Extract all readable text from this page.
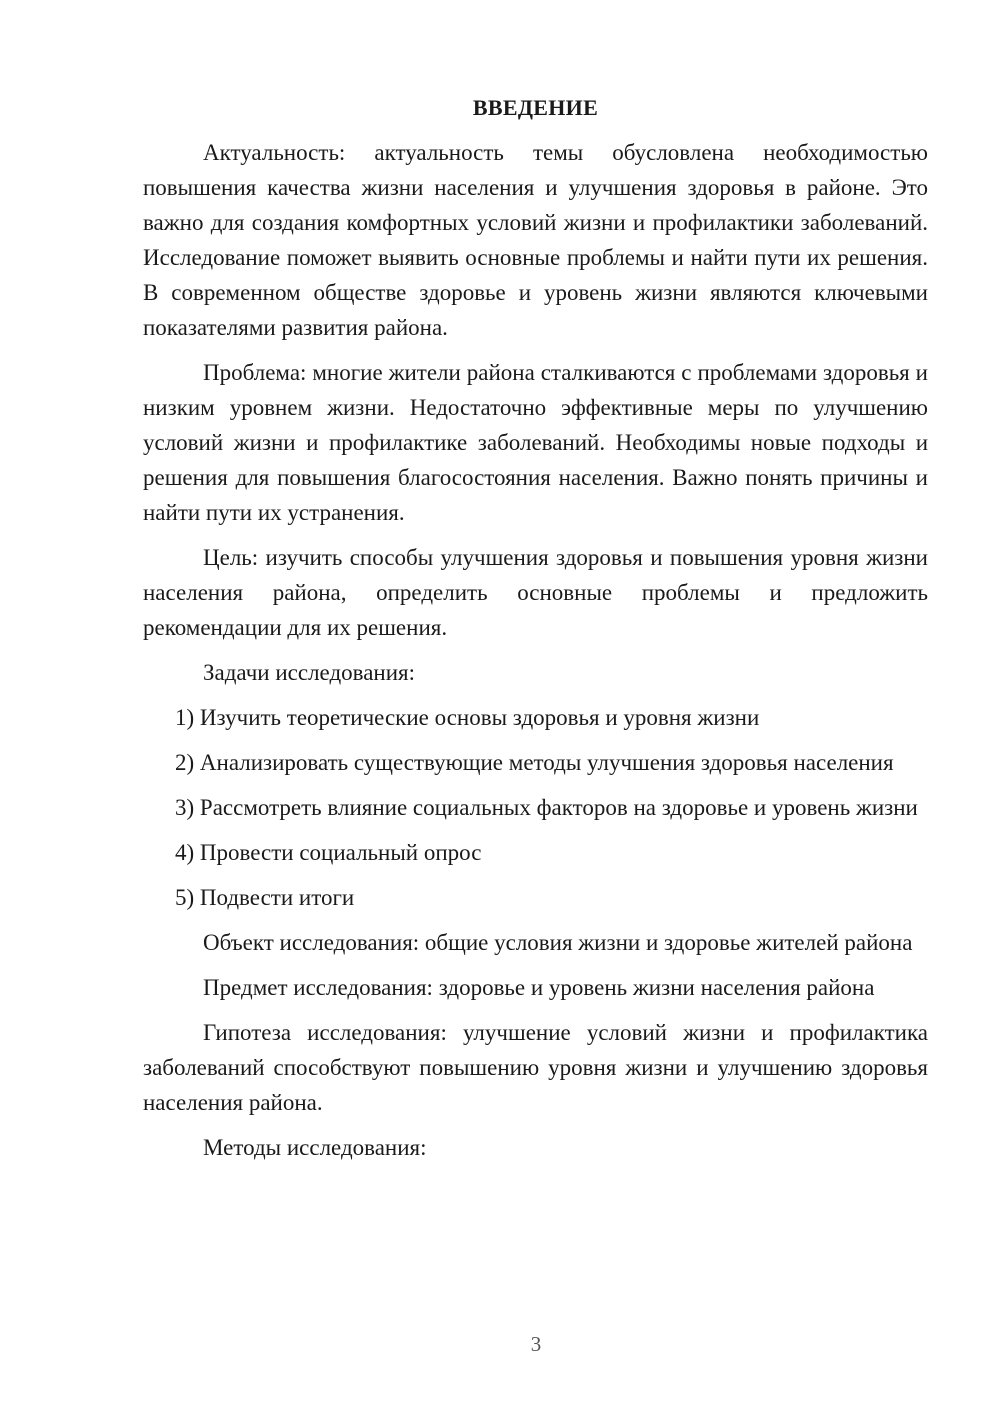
ВВЕДЕНИЕ

Актуальность: актуальность темы обусловлена необходимостью повышения качества жизни населения и улучшения здоровья в районе. Это важно для создания комфортных условий жизни и профилактики заболеваний. Исследование поможет выявить основные проблемы и найти пути их решения. В современном обществе здоровье и уровень жизни являются ключевыми показателями развития района.

Проблема: многие жители района сталкиваются с проблемами здоровья и низким уровнем жизни. Недостаточно эффективные меры по улучшению условий жизни и профилактике заболеваний. Необходимы новые подходы и решения для повышения благосостояния населения. Важно понять причины и найти пути их устранения.

Цель: изучить способы улучшения здоровья и повышения уровня жизни населения района, определить основные проблемы и предложить рекомендации для их решения.

Задачи исследования:

1) Изучить теоретические основы здоровья и уровня жизни

2) Анализировать существующие методы улучшения здоровья населения

3) Рассмотреть влияние социальных факторов на здоровье и уровень жизни

4) Провести социальный опрос

5) Подвести итоги

Объект исследования: общие условия жизни и здоровье жителей района

Предмет исследования: здоровье и уровень жизни населения района

Гипотеза исследования: улучшение условий жизни и профилактика заболеваний способствуют повышению уровня жизни и улучшению здоровья населения района.

Методы исследования:

3
